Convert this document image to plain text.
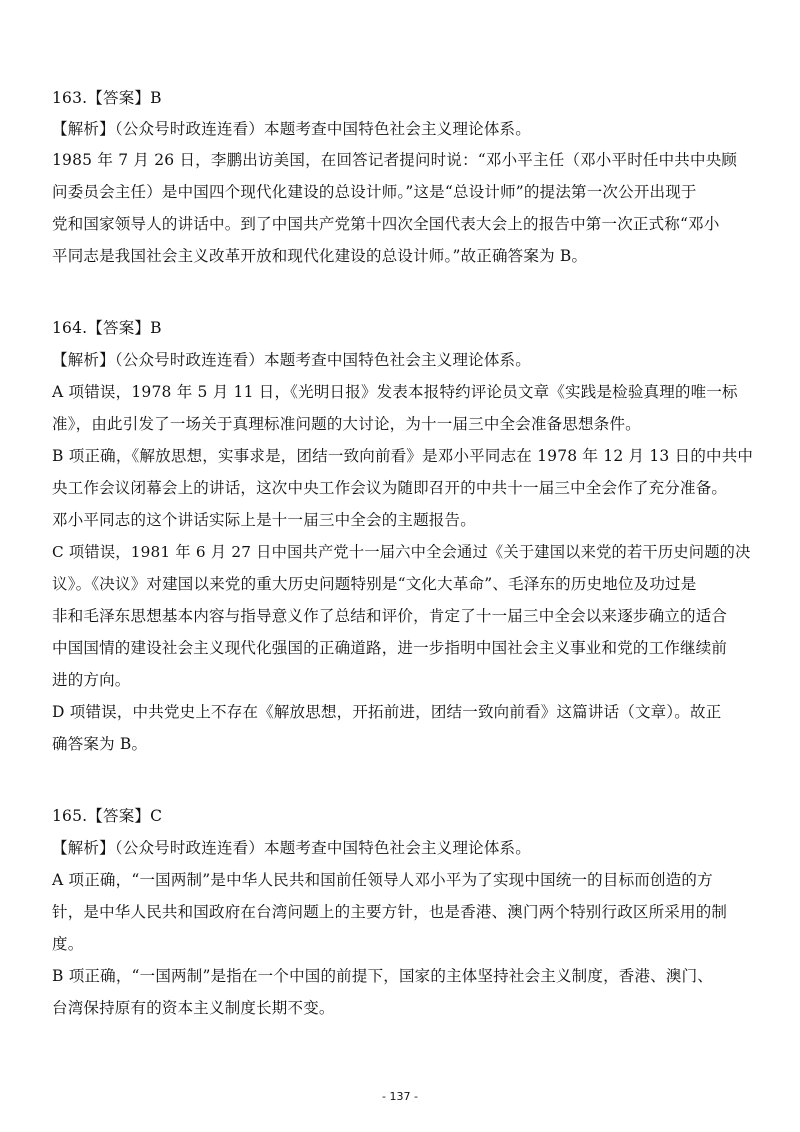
163.【答案】B
【解析】（公众号时政连连看）本题考查中国特色社会主义理论体系。
1985 年 7 月 26 日，李鹏出访美国，在回答记者提问时说：“邓小平主任（邓小平时任中共中央顾
问委员会主任）是中国四个现代化建设的总设计师。”这是“总设计师”的提法第一次公开出现于
党和国家领导人的讲话中。到了中国共产党第十四次全国代表大会上的报告中第一次正式称“邓小
平同志是我国社会主义改革开放和现代化建设的总设计师。”故正确答案为 B。
164.【答案】B
【解析】（公众号时政连连看）本题考查中国特色社会主义理论体系。
A 项错误，1978 年 5 月 11 日，《光明日报》发表本报特约评论员文章《实践是检验真理的唯一标
准》，由此引发了一场关于真理标准问题的大讨论，为十一届三中全会准备思想条件。
B 项正确，《解放思想，实事求是，团结一致向前看》是邓小平同志在 1978 年 12 月 13 日的中共中
央工作会议闭幕会上的讲话，这次中央工作会议为随即召开的中共十一届三中全会作了充分准备。
邓小平同志的这个讲话实际上是十一届三中全会的主题报告。
C 项错误，1981 年 6 月 27 日中国共产党十一届六中全会通过《关于建国以来党的若干历史问题的决
议》。《决议》对建国以来党的重大历史问题特别是“文化大革命”、毛泽东的历史地位及功过是
非和毛泽东思想基本内容与指导意义作了总结和评价，肯定了十一届三中全会以来逐步确立的适合
中国国情的建设社会主义现代化强国的正确道路，进一步指明中国社会主义事业和党的工作继续前
进的方向。
D 项错误，中共党史上不存在《解放思想，开拓前进，团结一致向前看》这篇讲话（文章）。故正
确答案为 B。
165.【答案】C
【解析】（公众号时政连连看）本题考查中国特色社会主义理论体系。
A 项正确，“一国两制”是中华人民共和国前任领导人邓小平为了实现中国统一的目标而创造的方
针，是中华人民共和国政府在台湾问题上的主要方针，也是香港、澳门两个特别行政区所采用的制
度。
B 项正确，“一国两制”是指在一个中国的前提下，国家的主体坚持社会主义制度，香港、澳门、
台湾保持原有的资本主义制度长期不变。
- 137 -
